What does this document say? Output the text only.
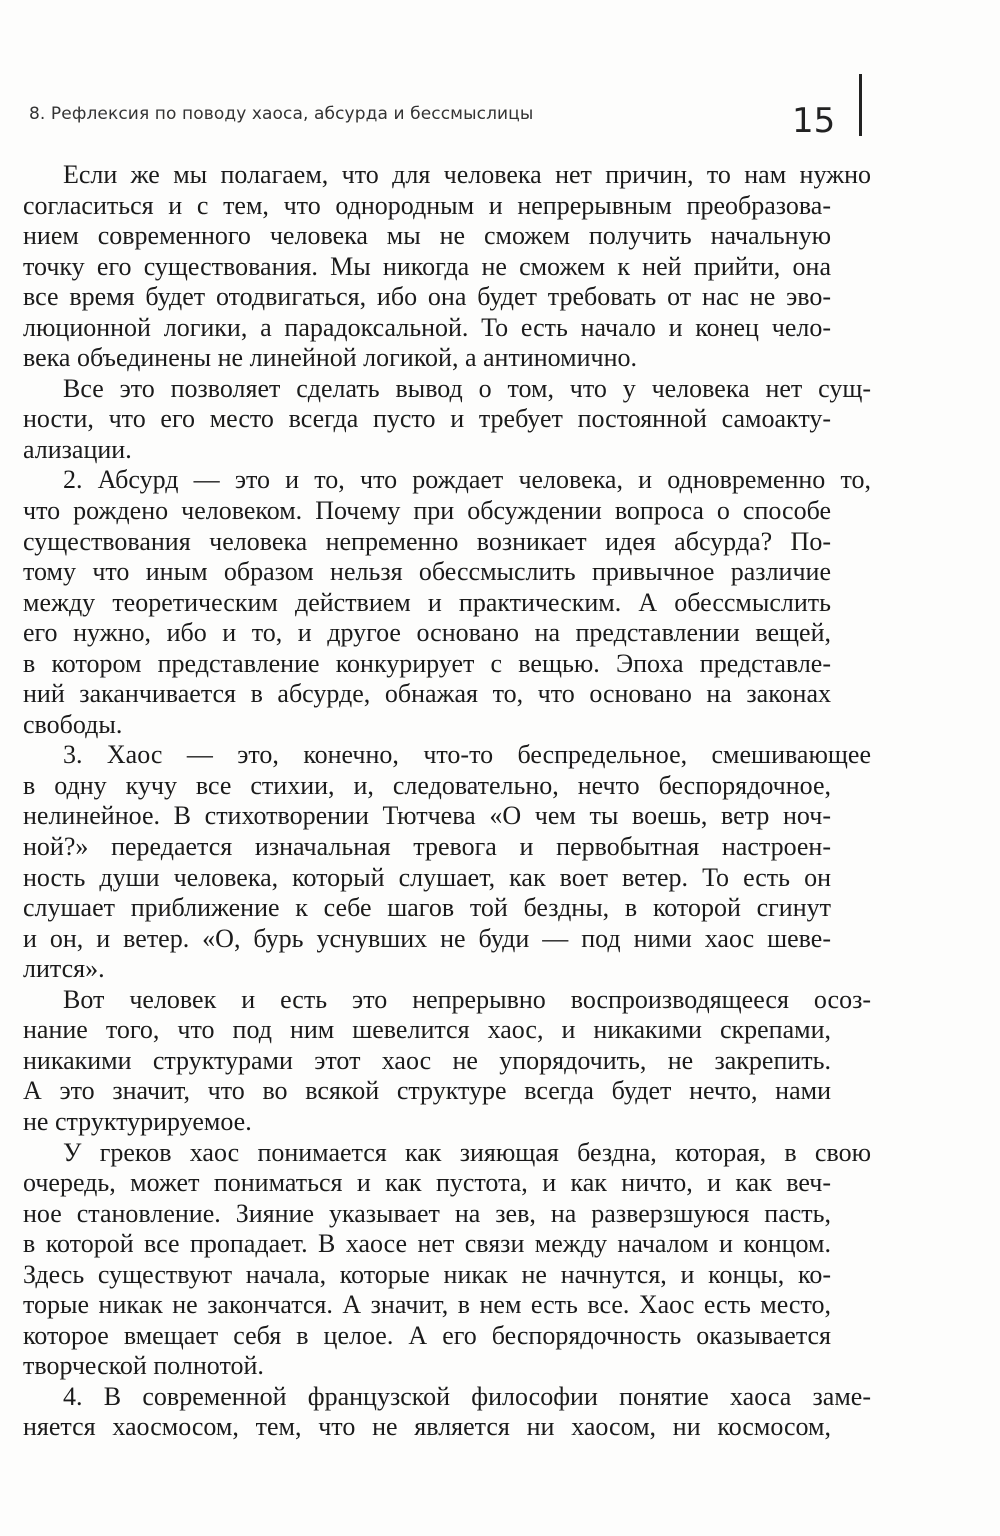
8. Рефлексия по поводу хаоса, абсурда и бессмыслицы	15
Если же мы полагаем, что для человека нет причин, то нам нужно
согласиться и с тем, что однородным и непрерывным преобразова-
нием современного человека мы не сможем получить начальную
точку его существования. Мы никогда не сможем к ней прийти, она
все время будет отодвигаться, ибо она будет требовать от нас не эво-
люционной логики, а парадоксальной. То есть начало и конец чело-
века объединены не линейной логикой, а антиномично.
Все это позволяет сделать вывод о том, что у человека нет сущ-
ности, что его место всегда пусто и требует постоянной самоакту-
ализации.
2. Абсурд — это и то, что рождает человека, и одновременно то,
что рождено человеком. Почему при обсуждении вопроса о способе
существования человека непременно возникает идея абсурда? По-
тому что иным образом нельзя обессмыслить привычное различие
между теоретическим действием и практическим. А обессмыслить
его нужно, ибо и то, и другое основано на представлении вещей,
в котором представление конкурирует с вещью. Эпоха представле-
ний заканчивается в абсурде, обнажая то, что основано на законах
свободы.
3. Хаос — это, конечно, что-то беспредельное, смешивающее
в одну кучу все стихии, и, следовательно, нечто беспорядочное,
нелинейное. В стихотворении Тютчева «О чем ты воешь, ветр ноч-
ной?» передается изначальная тревога и первобытная настроен-
ность души человека, который слушает, как воет ветер. То есть он
слушает приближение к себе шагов той бездны, в которой сгинут
и он, и ветер. «О, бурь уснувших не буди — под ними хаос шеве-
лится».
Вот человек и есть это непрерывно воспроизводящееся осоз-
нание того, что под ним шевелится хаос, и никакими скрепами,
никакими структурами этот хаос не упорядочить, не закрепить.
А это значит, что во всякой структуре всегда будет нечто, нами
не структурируемое.
У греков хаос понимается как зияющая бездна, которая, в свою
очередь, может пониматься и как пустота, и как ничто, и как веч-
ное становление. Зияние указывает на зев, на разверзшуюся пасть,
в которой все пропадает. В хаосе нет связи между началом и концом.
Здесь существуют начала, которые никак не начнутся, и концы, ко-
торые никак не закончатся. А значит, в нем есть все. Хаос есть место,
которое вмещает себя в целое. А его беспорядочность оказывается
творческой полнотой.
4. В современной французской философии понятие хаоса заме-
няется хаосмосом, тем, что не является ни хаосом, ни космосом,
